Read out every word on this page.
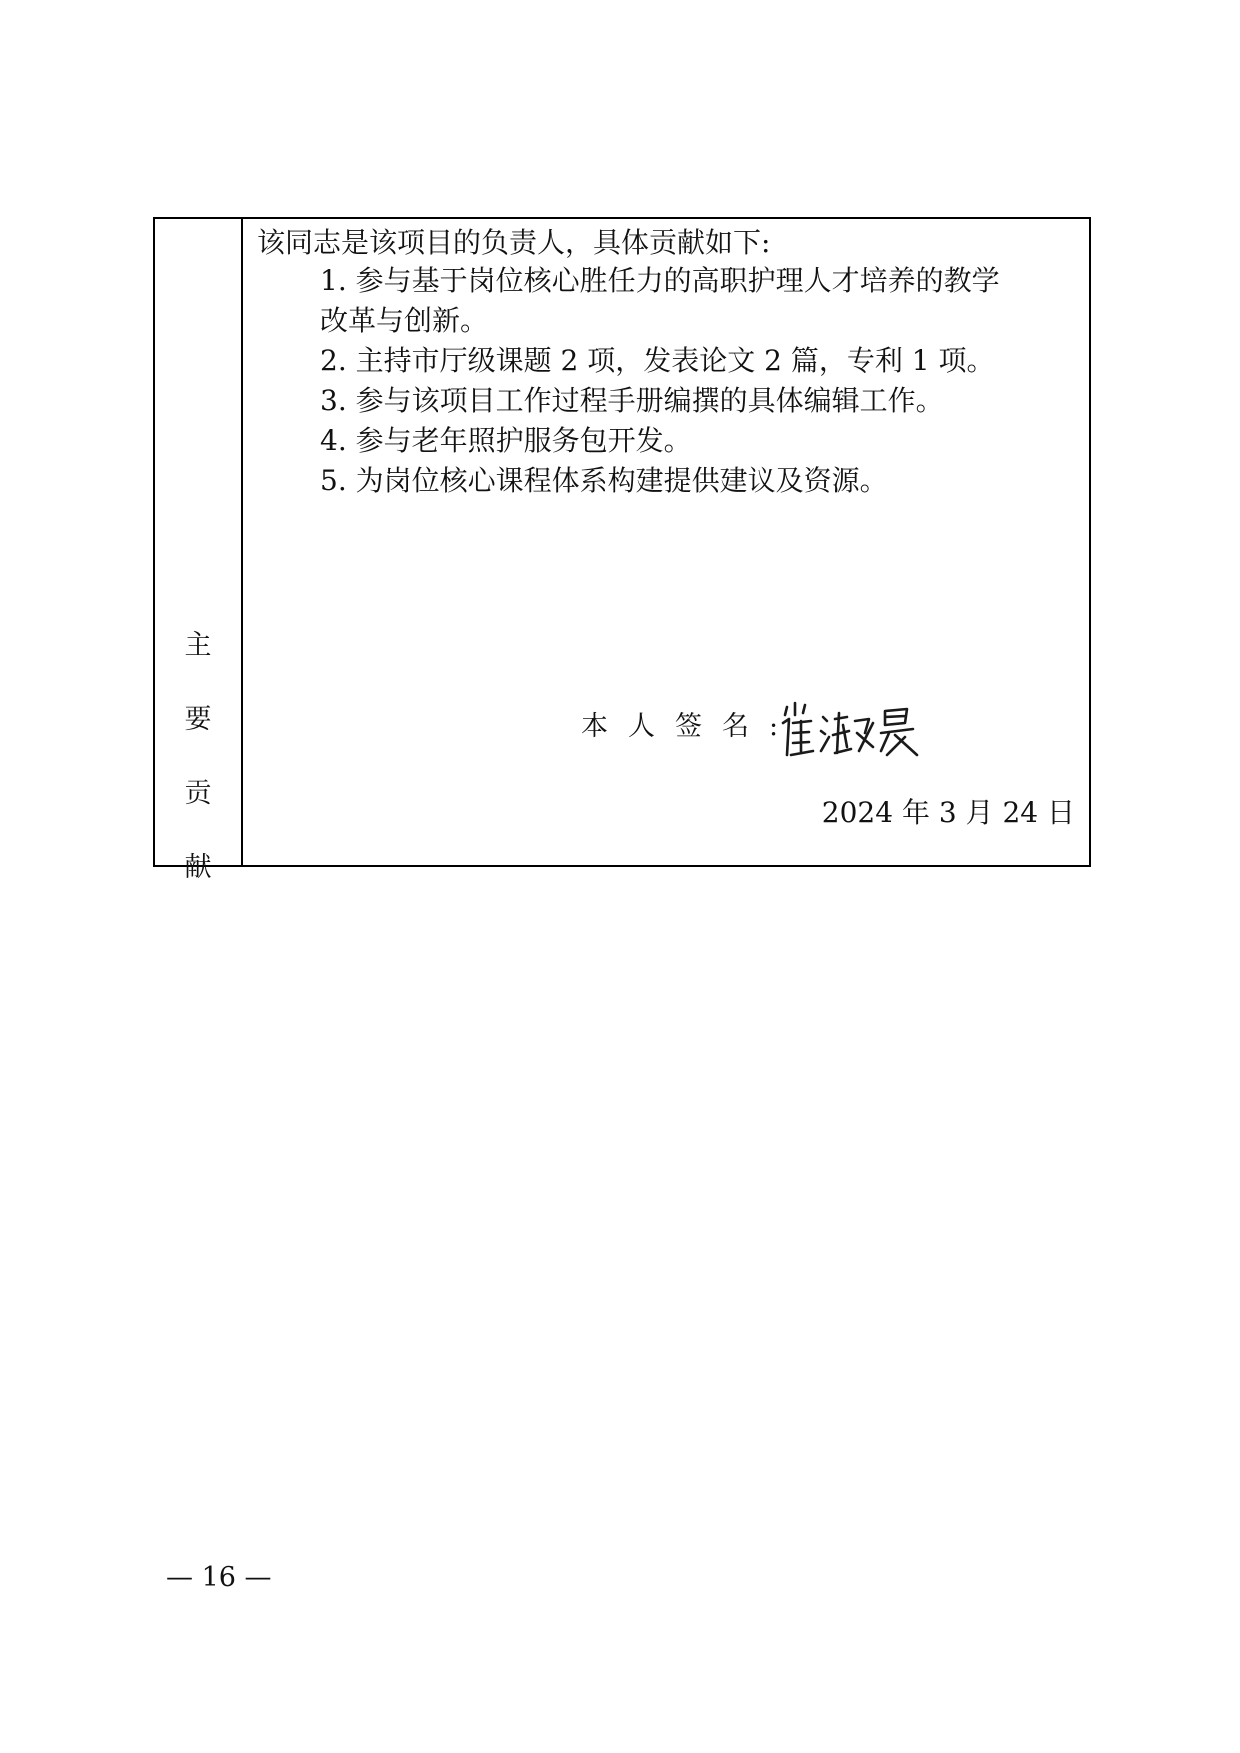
主
要
贡
献
该同志是该项目的负责人，具体贡献如下:
1. 参与基于岗位核心胜任力的高职护理人才培养的教学
改革与创新。
2. 主持市厅级课题 2 项，发表论文 2 篇，专利 1 项。
3. 参与该项目工作过程手册编撰的具体编辑工作。
4. 参与老年照护服务包开发。
5. 为岗位核心课程体系构建提供建议及资源。
本人签名:
2024 年 3 月 24 日
— 16 —
